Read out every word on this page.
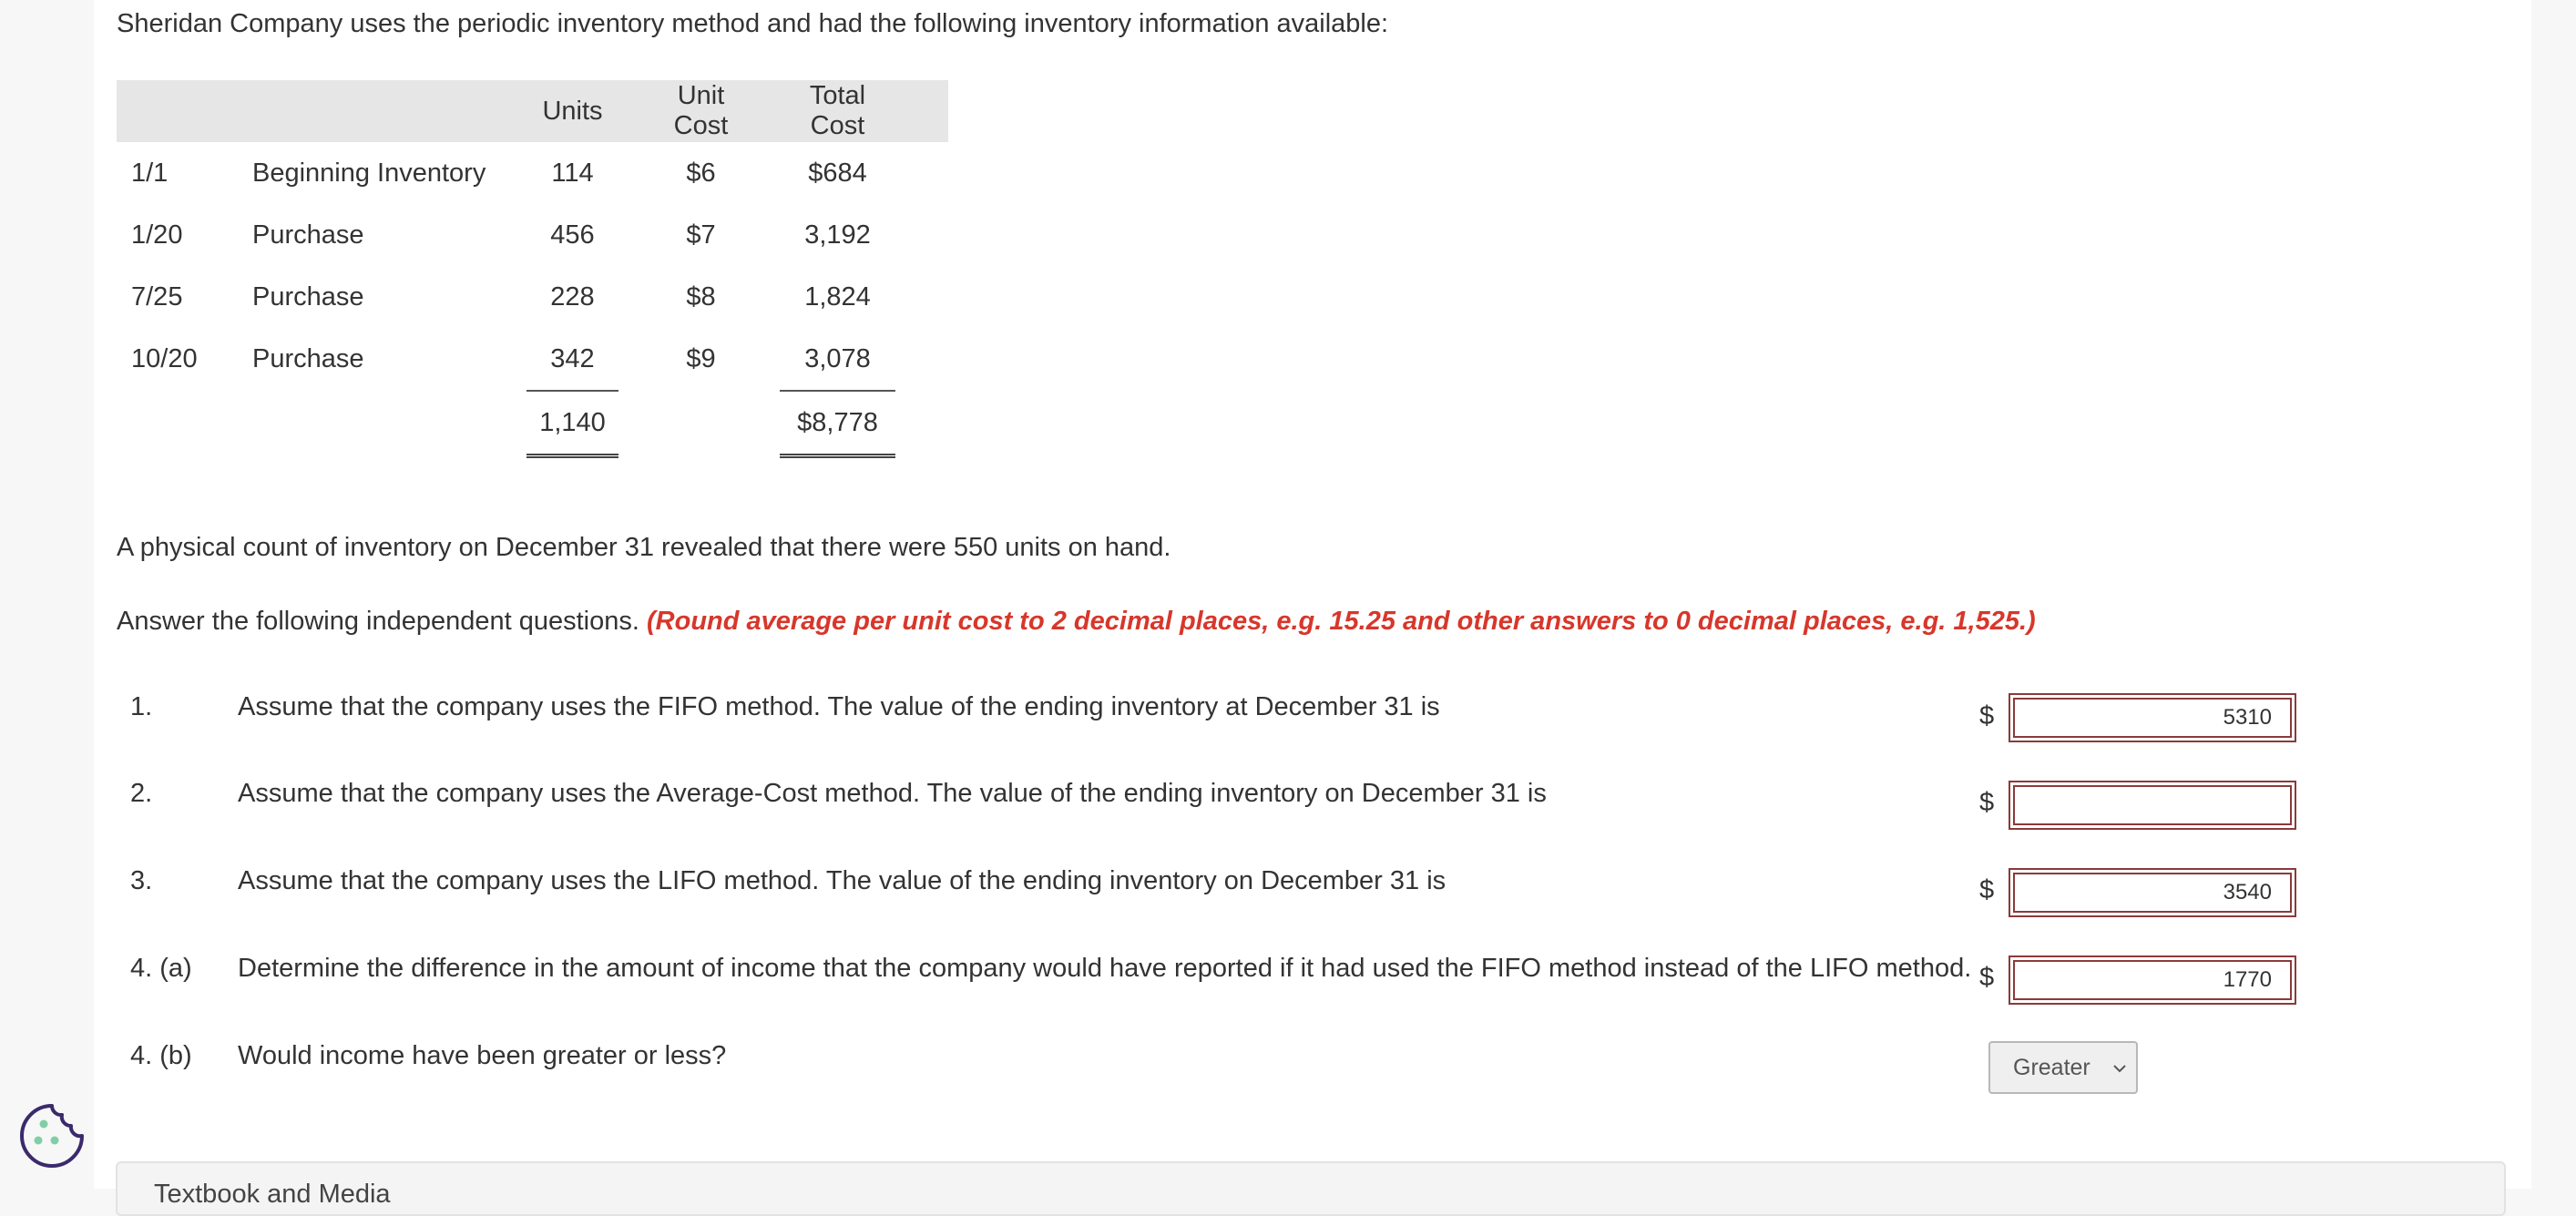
Sheridan Company uses the periodic inventory method and had the following inventory information available:
		Units		Unit Cost		Total Cost	
1/1	Beginning Inventory	114		$6		$684	
1/20	Purchase	456		$7		3,192	
7/25	Purchase	228		$8		1,824	
10/20	Purchase	342		$9		3,078	
		1,140				$8,778	
A physical count of inventory on December 31 revealed that there were 550 units on hand.
Answer the following independent questions. (Round average per unit cost to 2 decimal places, e.g. 15.25 and other answers to 0 decimal places, e.g. 1,525.)
1.	Assume that the company uses the FIFO method. The value of the ending inventory at December 31 is	$
5310
2.	Assume that the company uses the Average-Cost method. The value of the ending inventory on December 31 is	$
3.	Assume that the company uses the LIFO method. The value of the ending inventory on December 31 is	$
3540
4. (a) Determine the difference in the amount of income that the company would have reported if it had used the FIFO method instead of the LIFO method. $
1770
4. (b) Would income have been greater or less?	Greater
Textbook and Media
